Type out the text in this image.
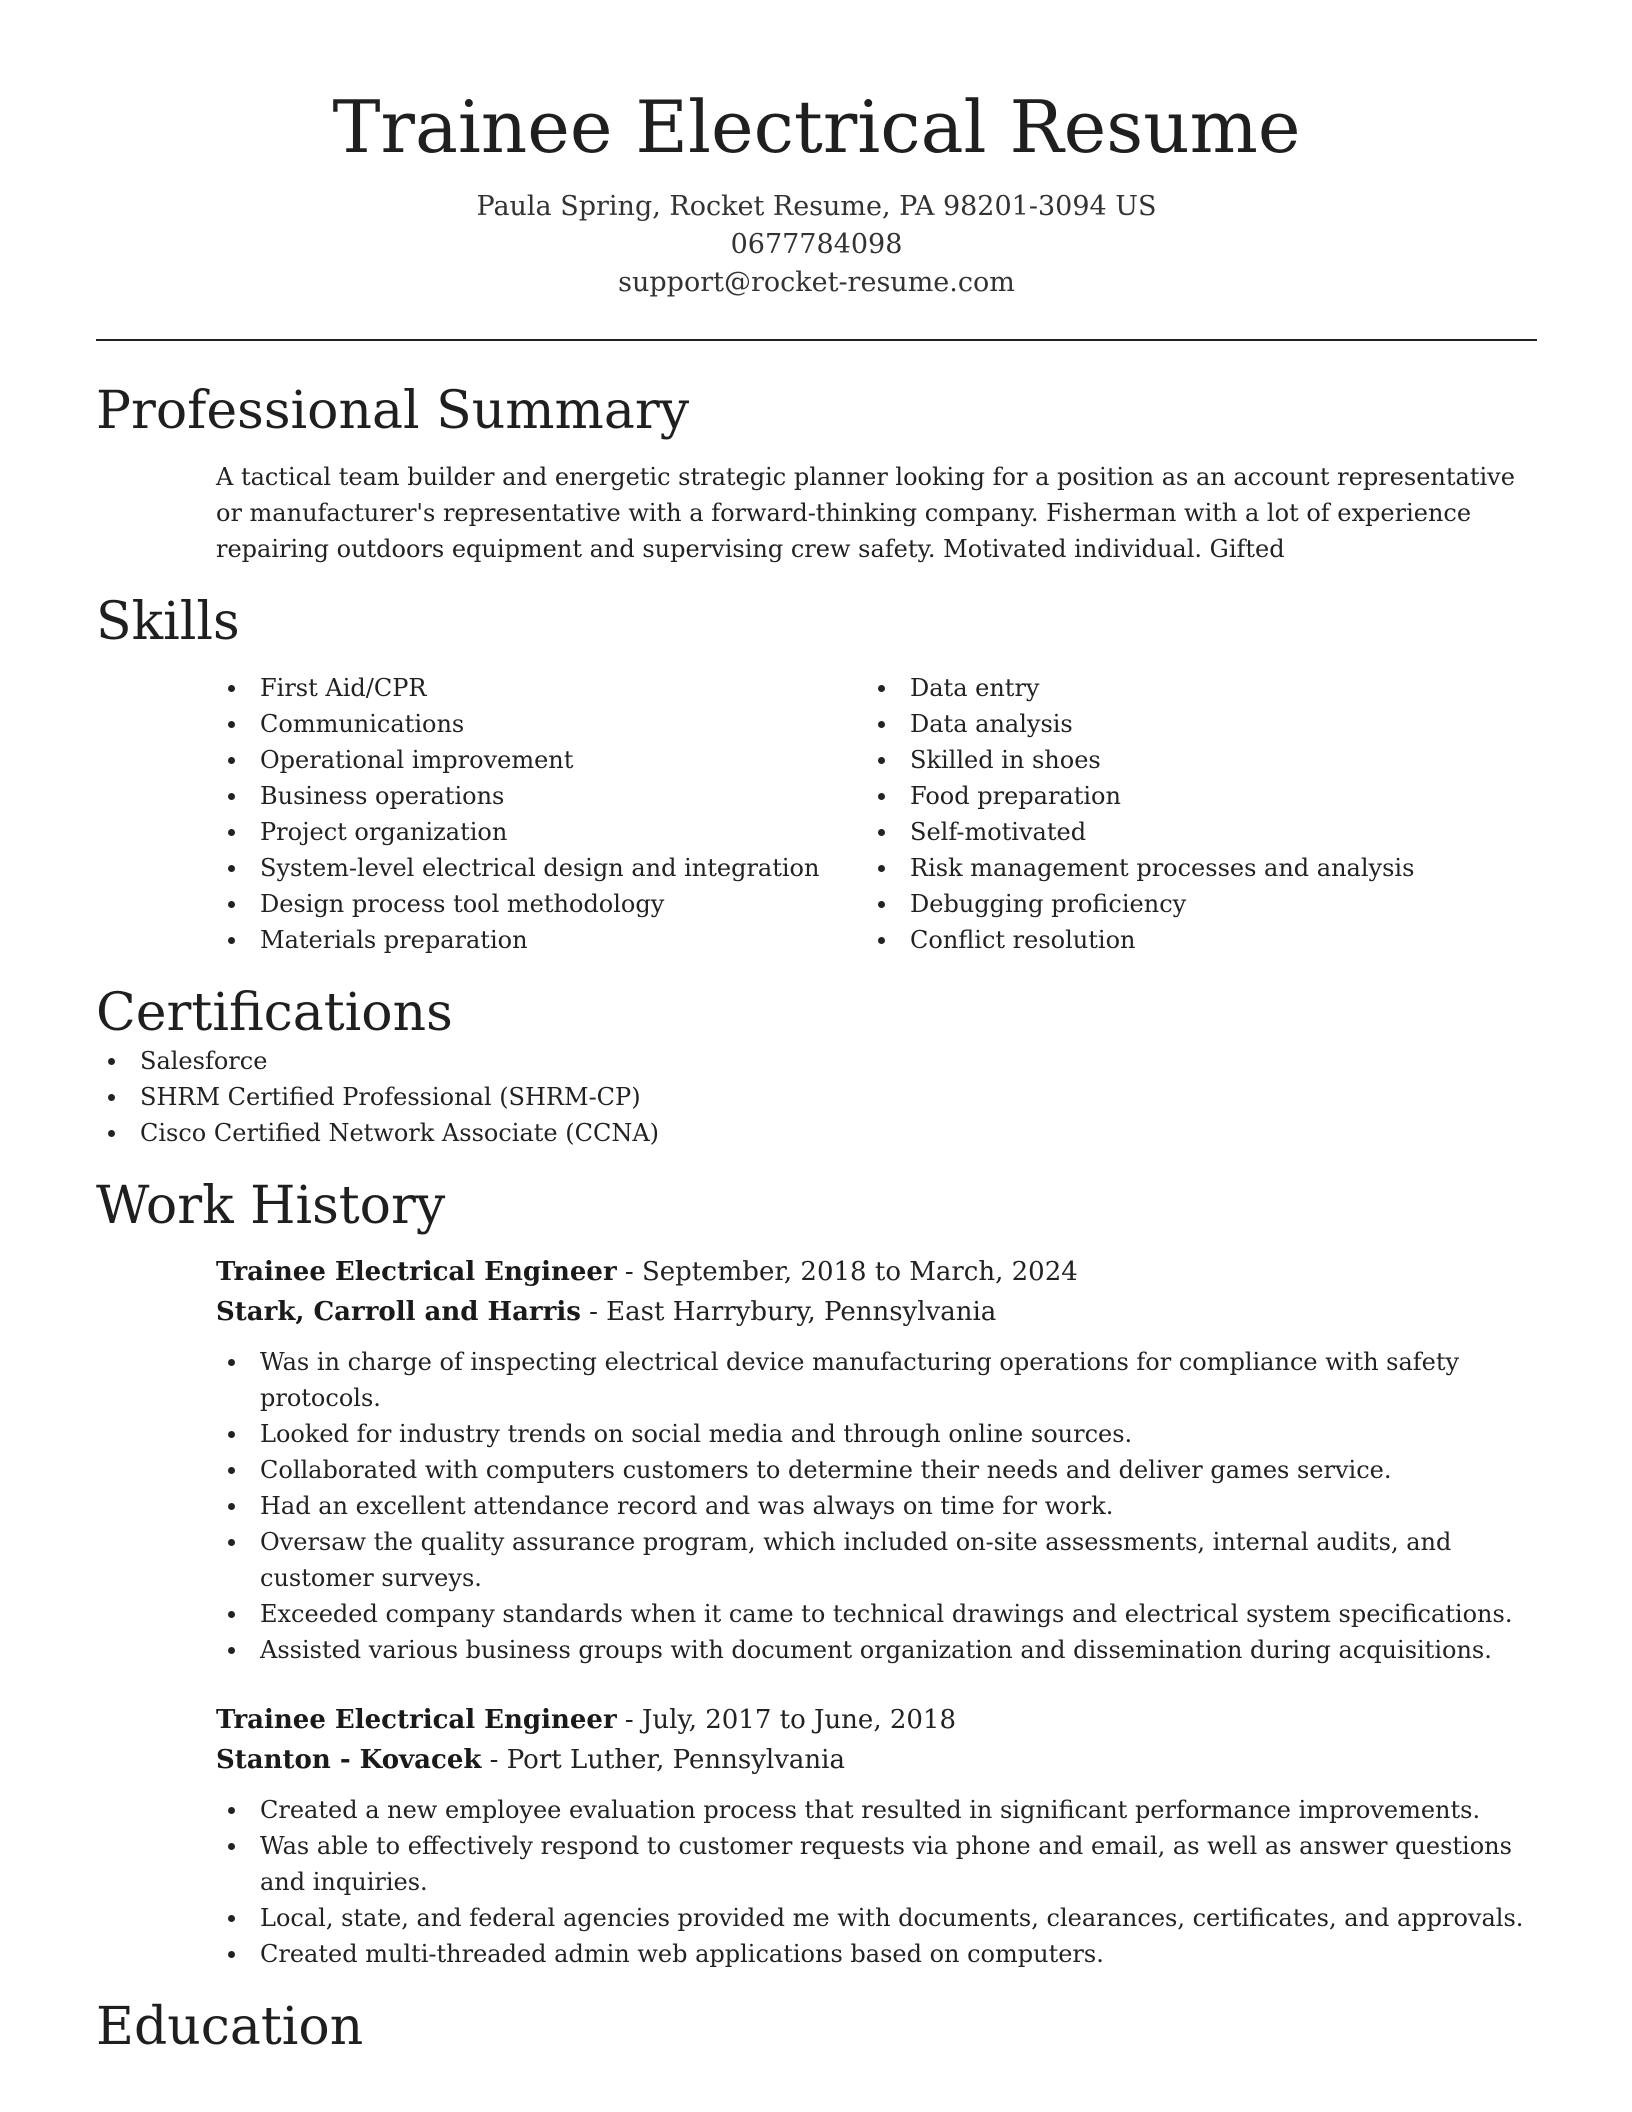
Trainee Electrical Resume
Paula Spring, Rocket Resume, PA 98201-3094 US
0677784098
support@rocket-resume.com
Professional Summary

A tactical team builder and energetic strategic planner looking for a position as an account representative or manufacturer's representative with a forward-thinking company. Fisherman with a lot of experience repairing outdoors equipment and supervising crew safety. Motivated individual. Gifted

Skills
First Aid/CPR
Communications
Operational improvement
Business operations
Project organization
System-level electrical design and integration
Design process tool methodology
Materials preparation
Data entry
Data analysis
Skilled in shoes
Food preparation
Self-motivated
Risk management processes and analysis
Debugging proficiency
Conflict resolution
Certifications
Salesforce
SHRM Certified Professional (SHRM-CP)
Cisco Certified Network Associate (CCNA)
Work History
Trainee Electrical Engineer - September, 2018 to March, 2024
Stark, Carroll and Harris - East Harrybury, Pennsylvania
Was in charge of inspecting electrical device manufacturing operations for compliance with safety protocols.
Looked for industry trends on social media and through online sources.
Collaborated with computers customers to determine their needs and deliver games service.
Had an excellent attendance record and was always on time for work.
Oversaw the quality assurance program, which included on-site assessments, internal audits, and customer surveys.
Exceeded company standards when it came to technical drawings and electrical system specifications.
Assisted various business groups with document organization and dissemination during acquisitions.
Trainee Electrical Engineer - July, 2017 to June, 2018
Stanton - Kovacek - Port Luther, Pennsylvania
Created a new employee evaluation process that resulted in significant performance improvements.
Was able to effectively respond to customer requests via phone and email, as well as answer questions and inquiries.
Local, state, and federal agencies provided me with documents, clearances, certificates, and approvals.
Created multi-threaded admin web applications based on computers.
Education
